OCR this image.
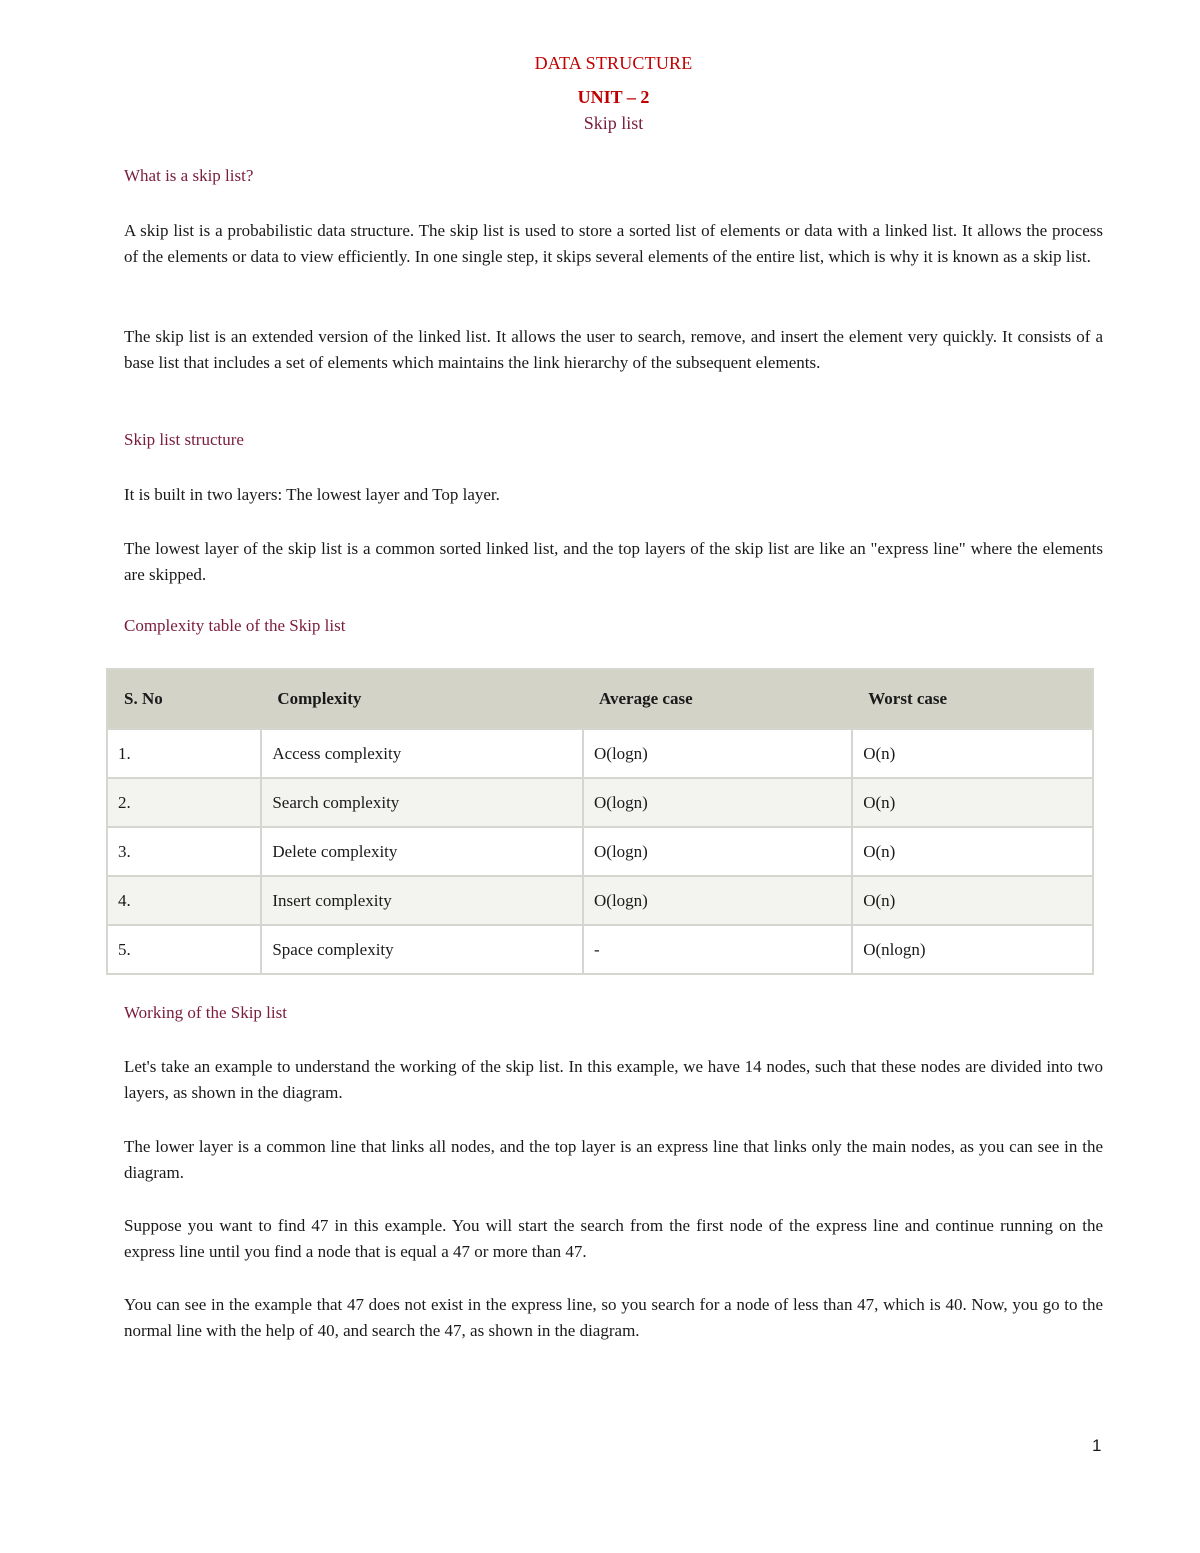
DATA STRUCTURE
UNIT – 2
Skip list
What is a skip list?
A skip list is a probabilistic data structure. The skip list is used to store a sorted list of elements or data with a linked list. It allows the process of the elements or data to view efficiently. In one single step, it skips several elements of the entire list, which is why it is known as a skip list.
The skip list is an extended version of the linked list. It allows the user to search, remove, and insert the element very quickly. It consists of a base list that includes a set of elements which maintains the link hierarchy of the subsequent elements.
Skip list structure
It is built in two layers: The lowest layer and Top layer.
The lowest layer of the skip list is a common sorted linked list, and the top layers of the skip list are like an "express line" where the elements are skipped.
Complexity table of the Skip list
S. No	Complexity	Average case	Worst case
1.	Access complexity	O(logn)	O(n)
2.	Search complexity	O(logn)	O(n)
3.	Delete complexity	O(logn)	O(n)
4.	Insert complexity	O(logn)	O(n)
5.	Space complexity	-	O(nlogn)
Working of the Skip list
Let's take an example to understand the working of the skip list. In this example, we have 14 nodes, such that these nodes are divided into two layers, as shown in the diagram.
The lower layer is a common line that links all nodes, and the top layer is an express line that links only the main nodes, as you can see in the diagram.
Suppose you want to find 47 in this example. You will start the search from the first node of the express line and continue running on the express line until you find a node that is equal a 47 or more than 47.
You can see in the example that 47 does not exist in the express line, so you search for a node of less than 47, which is 40. Now, you go to the normal line with the help of 40, and search the 47, as shown in the diagram.
1
